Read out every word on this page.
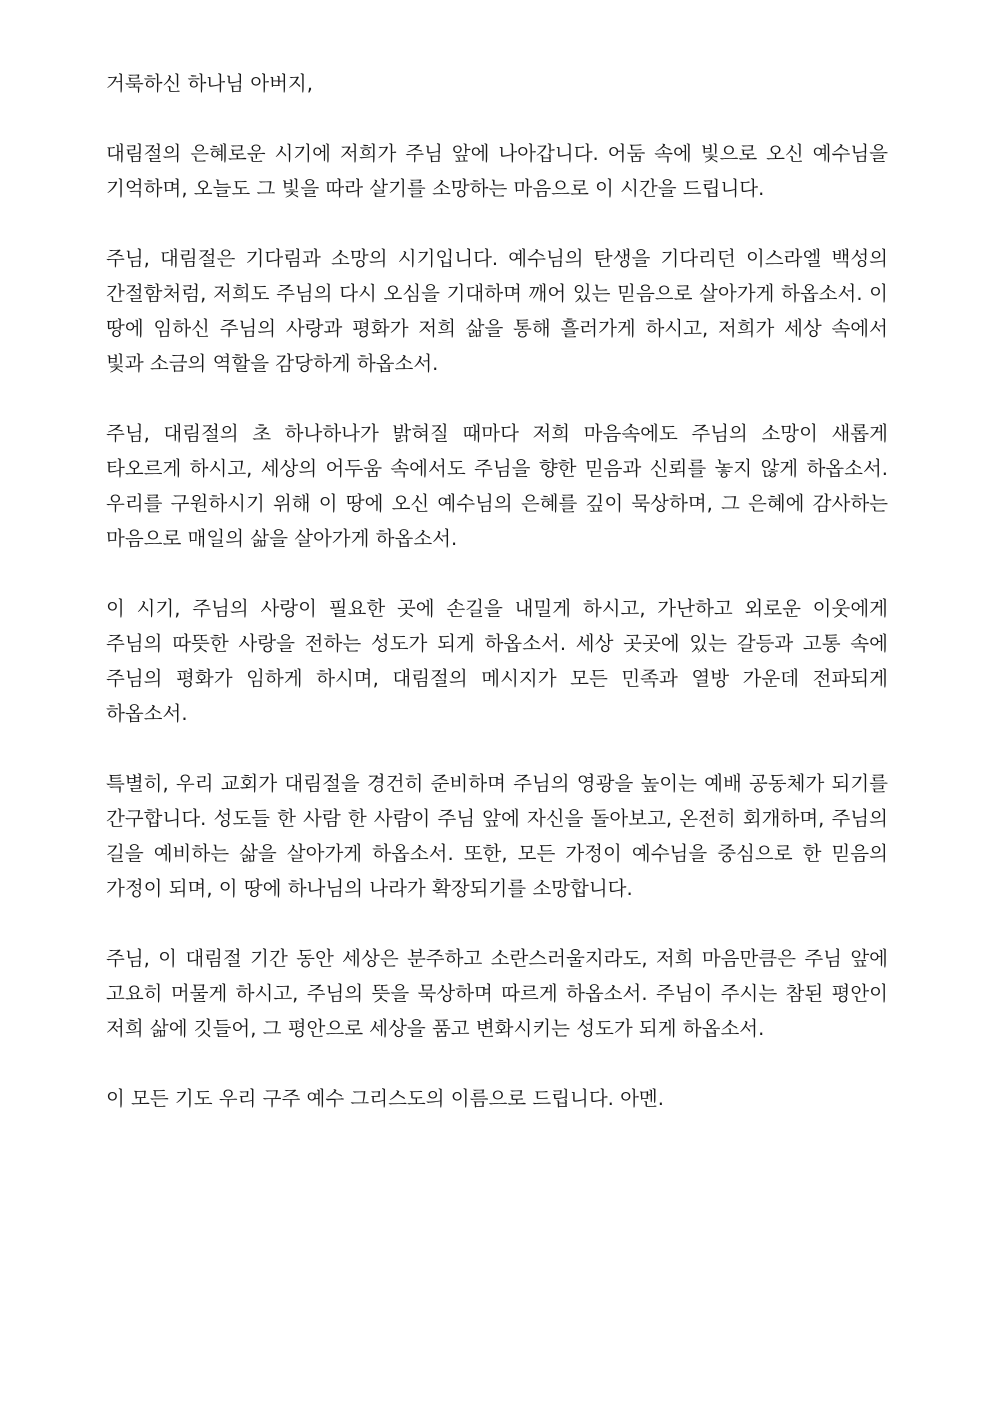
거룩하신 하나님 아버지,

대림절의 은혜로운 시기에 저희가 주님 앞에 나아갑니다. 어둠 속에 빛으로 오신 예수님을 기억하며, 오늘도 그 빛을 따라 살기를 소망하는 마음으로 이 시간을 드립니다.

주님, 대림절은 기다림과 소망의 시기입니다. 예수님의 탄생을 기다리던 이스라엘 백성의 간절함처럼, 저희도 주님의 다시 오심을 기대하며 깨어 있는 믿음으로 살아가게 하옵소서. 이 땅에 임하신 주님의 사랑과 평화가 저희 삶을 통해 흘러가게 하시고, 저희가 세상 속에서 빛과 소금의 역할을 감당하게 하옵소서.

주님, 대림절의 초 하나하나가 밝혀질 때마다 저희 마음속에도 주님의 소망이 새롭게 타오르게 하시고, 세상의 어두움 속에서도 주님을 향한 믿음과 신뢰를 놓지 않게 하옵소서. 우리를 구원하시기 위해 이 땅에 오신 예수님의 은혜를 깊이 묵상하며, 그 은혜에 감사하는 마음으로 매일의 삶을 살아가게 하옵소서.

이 시기, 주님의 사랑이 필요한 곳에 손길을 내밀게 하시고, 가난하고 외로운 이웃에게 주님의 따뜻한 사랑을 전하는 성도가 되게 하옵소서. 세상 곳곳에 있는 갈등과 고통 속에 주님의 평화가 임하게 하시며, 대림절의 메시지가 모든 민족과 열방 가운데 전파되게 하옵소서.

특별히, 우리 교회가 대림절을 경건히 준비하며 주님의 영광을 높이는 예배 공동체가 되기를 간구합니다. 성도들 한 사람 한 사람이 주님 앞에 자신을 돌아보고, 온전히 회개하며, 주님의 길을 예비하는 삶을 살아가게 하옵소서. 또한, 모든 가정이 예수님을 중심으로 한 믿음의 가정이 되며, 이 땅에 하나님의 나라가 확장되기를 소망합니다.

주님, 이 대림절 기간 동안 세상은 분주하고 소란스러울지라도, 저희 마음만큼은 주님 앞에 고요히 머물게 하시고, 주님의 뜻을 묵상하며 따르게 하옵소서. 주님이 주시는 참된 평안이 저희 삶에 깃들어, 그 평안으로 세상을 품고 변화시키는 성도가 되게 하옵소서.

이 모든 기도 우리 구주 예수 그리스도의 이름으로 드립니다. 아멘.
